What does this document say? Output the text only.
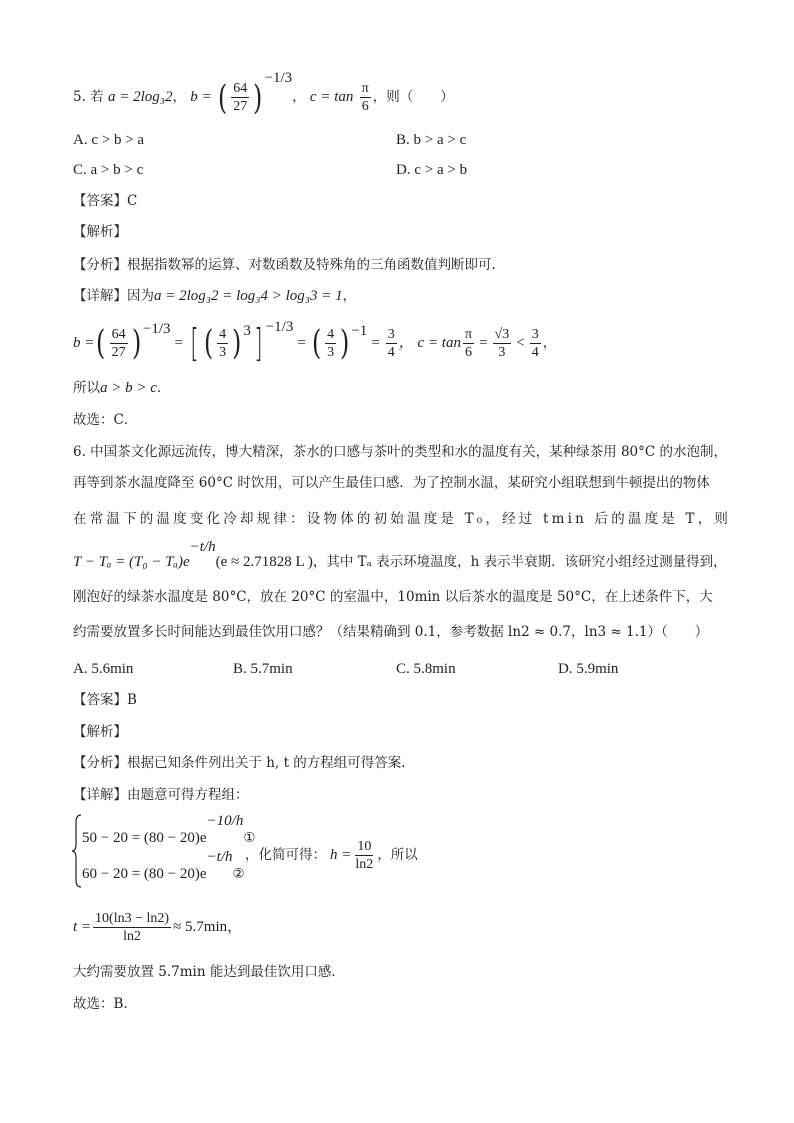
5. 若 a = 2log₃2， b = ( $\frac{64}{27}$ ) $^{-1/3}$， $c = \tan \frac{\pi}{6}$ ，则（　　）
A. c > b > a	B. b > a > c
C. a > b > c	D. c > a > b
【答案】C
【解析】
【分析】根据指数幂的运算、对数函数及特殊角的三角函数值判断即可.
【详解】因为a = 2log₃2 = log₃4 > log₃3 = 1，
b = ( $\frac{64}{27} )^{-1/3}$
= [ ( $\frac{4}{3} )^3$ ]$^{-1/3}$
= ( $\frac{4}{3} )^{-1}$
= $\frac{3}{4}$ ， $c = \tan \frac{\pi}{6} = \frac{√3}{3} < \frac{3}{4}$ ，
所以a > b > c．
故选：C．
6. 中国茶文化源远流传，博大精深，茶水的口感与茶叶的类型和水的温度有关，某种绿茶用 80°C 的水泡制，
再等到茶水温度降至 60°C 时饮用，可以产生最佳口感．为了控制水温，某研究小组联想到牛顿提出的物体
在常温下的温度变化冷却规律：设物体的初始温度是 T₀，经过 tmin 后的温度是 T，则
$T - T_a = (T_0 - T_a)e^{-t/h}(e \approx 2.71828$ L )，其中 Tₐ 表示环境温度，h 表示半衰期．该研究小组经过测量得到，
刚泡好的绿茶水温度是 80°C，放在 20°C 的室温中，10min 以后茶水的温度是 50°C，在上述条件下，大
约需要放置多长时间能达到最佳饮用口感？（结果精确到 0.1，参考数据 ln2 ≈ 0.7，ln3 ≈ 1.1）（　　）
A. 5.6min	B. 5.7min	C. 5.8min	D. 5.9min
【答案】B
【解析】
【分析】根据已知条件列出关于 h, t 的方程组可得答案.
【详解】由题意可得方程组：
$50 - 20 = (80 - 20)e^{-10/h}①$
$60 - 20 = (80 - 20)e^{-t/h}②$
，化简可得： $h = \frac{10}{\ln 2}$ ，所以
$t = \frac{10(\ln 3 - \ln 2)}{\ln 2} \approx 5.7\min$，
大约需要放置 5.7min 能达到最佳饮用口感．
故选：B.
